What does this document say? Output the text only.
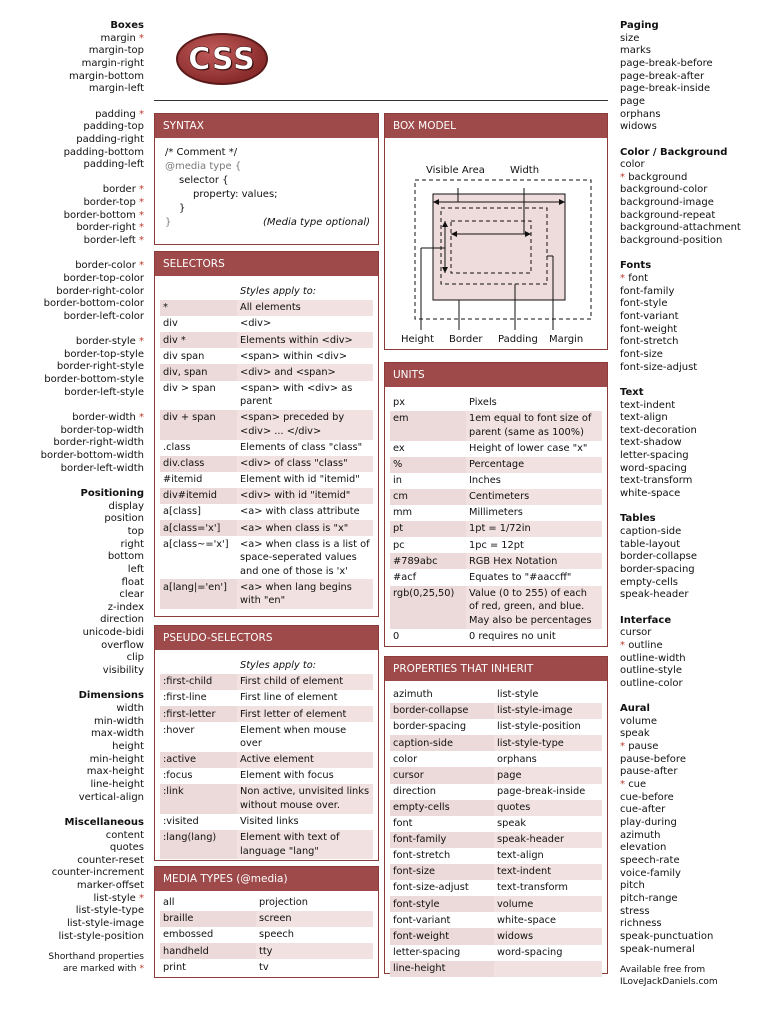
Boxes
margin *
margin-top
margin-right
margin-bottom
margin-left
padding *
padding-top
padding-right
padding-bottom
padding-left
border *
border-top *
border-bottom *
border-right *
border-left *
border-color *
border-top-color
border-right-color
border-bottom-color
border-left-color
border-style *
border-top-style
border-right-style
border-bottom-style
border-left-style
border-width *
border-top-width
border-right-width
border-bottom-width
border-left-width
Positioning
display
position
top
right
bottom
left
float
clear
z-index
direction
unicode-bidi
overflow
clip
visibility
Dimensions
width
min-width
max-width
height
min-height
max-height
line-height
vertical-align
Miscellaneous
content
quotes
counter-reset
counter-increment
marker-offset
list-style *
list-style-type
list-style-image
list-style-position
Shorthand properties
are marked with *
Paging
size
marks
page-break-before
page-break-after
page-break-inside
page
orphans
widows
Color / Background
color
* background
background-color
background-image
background-repeat
background-attachment
background-position
Fonts
* font
font-family
font-style
font-variant
font-weight
font-stretch
font-size
font-size-adjust
Text
text-indent
text-align
text-decoration
text-shadow
letter-spacing
word-spacing
text-transform
white-space
Tables
caption-side
table-layout
border-collapse
border-spacing
empty-cells
speak-header
Interface
cursor
* outline
outline-width
outline-style
outline-color
Aural
volume
speak
* pause
pause-before
pause-after
* cue
cue-before
cue-after
play-during
azimuth
elevation
speech-rate
voice-family
pitch
pitch-range
stress
richness
speak-punctuation
speak-numeral
Available free from
ILoveJackDaniels.com
CSS
SYNTAX
/* Comment */
@media type {
selector {
property: values;
}
}	(Media type optional)
SELECTORS
	Styles apply to:
*	All elements
div	<div>
div *	Elements within <div>
div span	<span> within <div>
div, span	<div> and <span>
div > span	<span> with <div> as parent
div + span	<span> preceded by <div> ... </div>
.class	Elements of class "class"
div.class	<div> of class "class"
#itemid	Element with id "itemid"
div#itemid	<div> with id "itemid"
a[class]	<a> with class attribute
a[class='x']	<a> when class is "x"
a[class~='x']	<a> when class is a list of space-seperated values and one of those is 'x'
a[lang|='en']	<a> when lang begins with "en"
PSEUDO-SELECTORS
	Styles apply to:
:first-child	First child of element
:first-line	First line of element
:first-letter	First letter of element
:hover	Element when mouse over
:active	Active element
:focus	Element with focus
:link	Non active, unvisited links without mouse over.
:visited	Visited links
:lang(lang)	Element with text of language "lang"
MEDIA TYPES (@media)
all	projection
braille	screen
embossed	speech
handheld	tty
print	tv
BOX MODEL
Visible Area	Width
Height Border Padding Margin
UNITS
px	Pixels
em	1em equal to font size of parent (same as 100%)
ex	Height of lower case "x"
%	Percentage
in	Inches
cm	Centimeters
mm	Millimeters
pt	1pt = 1/72in
pc	1pc = 12pt
#789abc	RGB Hex Notation
#acf	Equates to "#aaccff"
rgb(0,25,50)	Value (0 to 255) of each of red, green, and blue. May also be percentages
0	0 requires no unit
PROPERTIES THAT INHERIT
azimuth	list-style
border-collapse	list-style-image
border-spacing	list-style-position
caption-side	list-style-type
color	orphans
cursor	page
direction	page-break-inside
empty-cells	quotes
font	speak
font-family	speak-header
font-stretch	text-align
font-size	text-indent
font-size-adjust	text-transform
font-style	volume
font-variant	white-space
font-weight	widows
letter-spacing	word-spacing
line-height	
